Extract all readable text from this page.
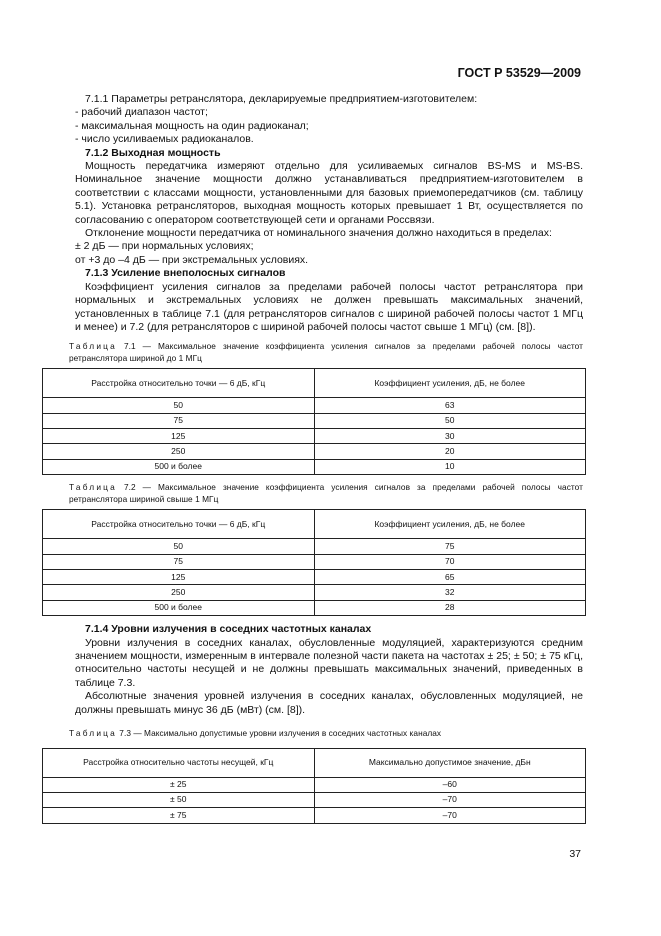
ГОСТ Р 53529—2009

7.1.1 Параметры ретранслятора, декларируемые предприятием-изготовителем:

- рабочий диапазон частот;

- максимальная мощность на один радиоканал;

- число усиливаемых радиоканалов.

7.1.2 Выходная мощность

Мощность передатчика измеряют отдельно для усиливаемых сигналов BS-MS и MS-BS. Номинальное значение мощности должно устанавливаться предприятием-изготовителем в соответствии с классами мощности, установленными для базовых приемопередатчиков (см. таблицу 5.1). Установка ретрансляторов, выходная мощность которых превышает 1 Вт, осуществляется по согласованию с оператором соответствующей сети и органами Россвязи.

Отклонение мощности передатчика от номинального значения должно находиться в пределах:

± 2 дБ — при нормальных условиях;

от +3 до –4 дБ — при экстремальных условиях.

7.1.3 Усиление внеполосных сигналов

Коэффициент усиления сигналов за пределами рабочей полосы частот ретранслятора при нормальных и экстремальных условиях не должен превышать максимальных значений, установленных в таблице 7.1 (для ретрансляторов сигналов с шириной рабочей полосы частот 1 МГц и менее) и 7.2 (для ретрансляторов с шириной рабочей полосы частот свыше 1 МГц) (см. [8]).

Таблица 7.1 — Максимальное значение коэффициента усиления сигналов за пределами рабочей полосы частот ретранслятора шириной до 1 МГц
Расстройка относительно точки — 6 дБ, кГц	Коэффициент усиления, дБ, не более
50	63
75	50
125	30
250	20
500 и более	10
Таблица 7.2 — Максимальное значение коэффициента усиления сигналов за пределами рабочей полосы частот ретранслятора шириной свыше 1 МГц
Расстройка относительно точки — 6 дБ, кГц	Коэффициент усиления, дБ, не более
50	75
75	70
125	65
250	32
500 и более	28

7.1.4 Уровни излучения в соседних частотных каналах

Уровни излучения в соседних каналах, обусловленные модуляцией, характеризуются средним значением мощности, измеренным в интервале полезной части пакета на частотах ± 25; ± 50; ± 75 кГц, относительно частоты несущей и не должны превышать максимальных значений, приведенных в таблице 7.3.

Абсолютные значения уровней излучения в соседних каналах, обусловленных модуляцией, не должны превышать минус 36 дБ (мВт) (см. [8]).

Таблица 7.3 — Максимально допустимые уровни излучения в соседних частотных каналах
Расстройка относительно частоты несущей, кГц	Максимально допустимое значение, дБн
± 25	–60
± 50	–70
± 75	–70
37
